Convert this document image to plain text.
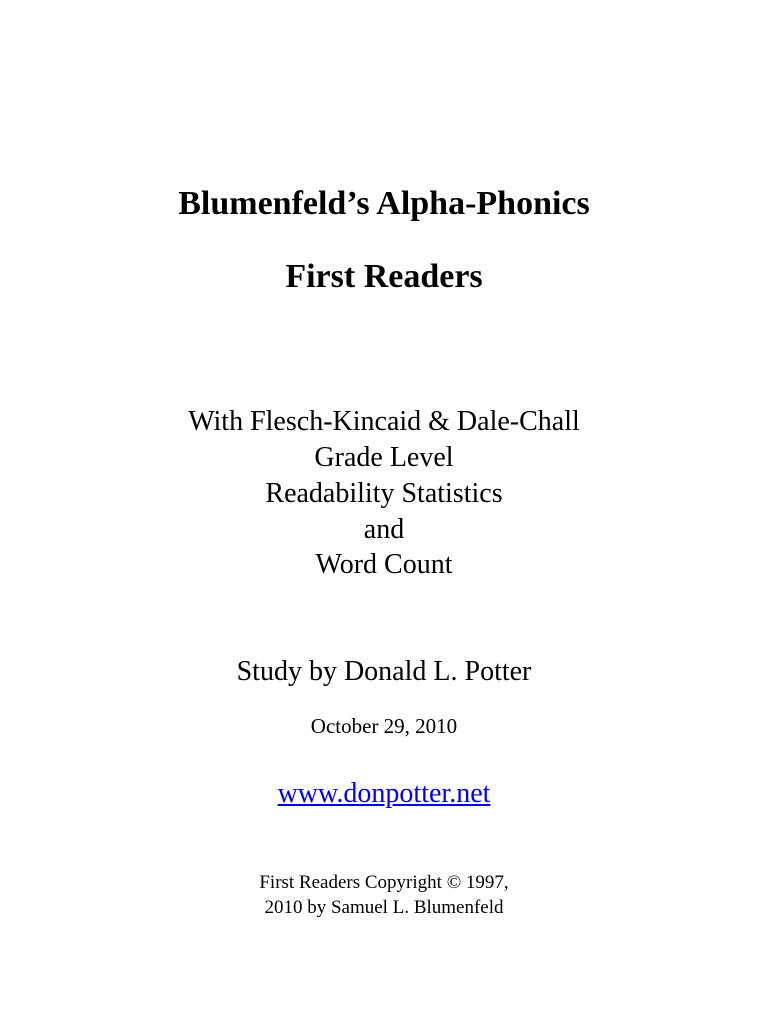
Blumenfeld’s Alpha-Phonics
First Readers
With Flesch-Kincaid & Dale-Chall
Grade Level
Readability Statistics
and
Word Count
Study by Donald L. Potter
October 29, 2010
www.donpotter.net
First Readers Copyright © 1997,
2010 by Samuel L. Blumenfeld
